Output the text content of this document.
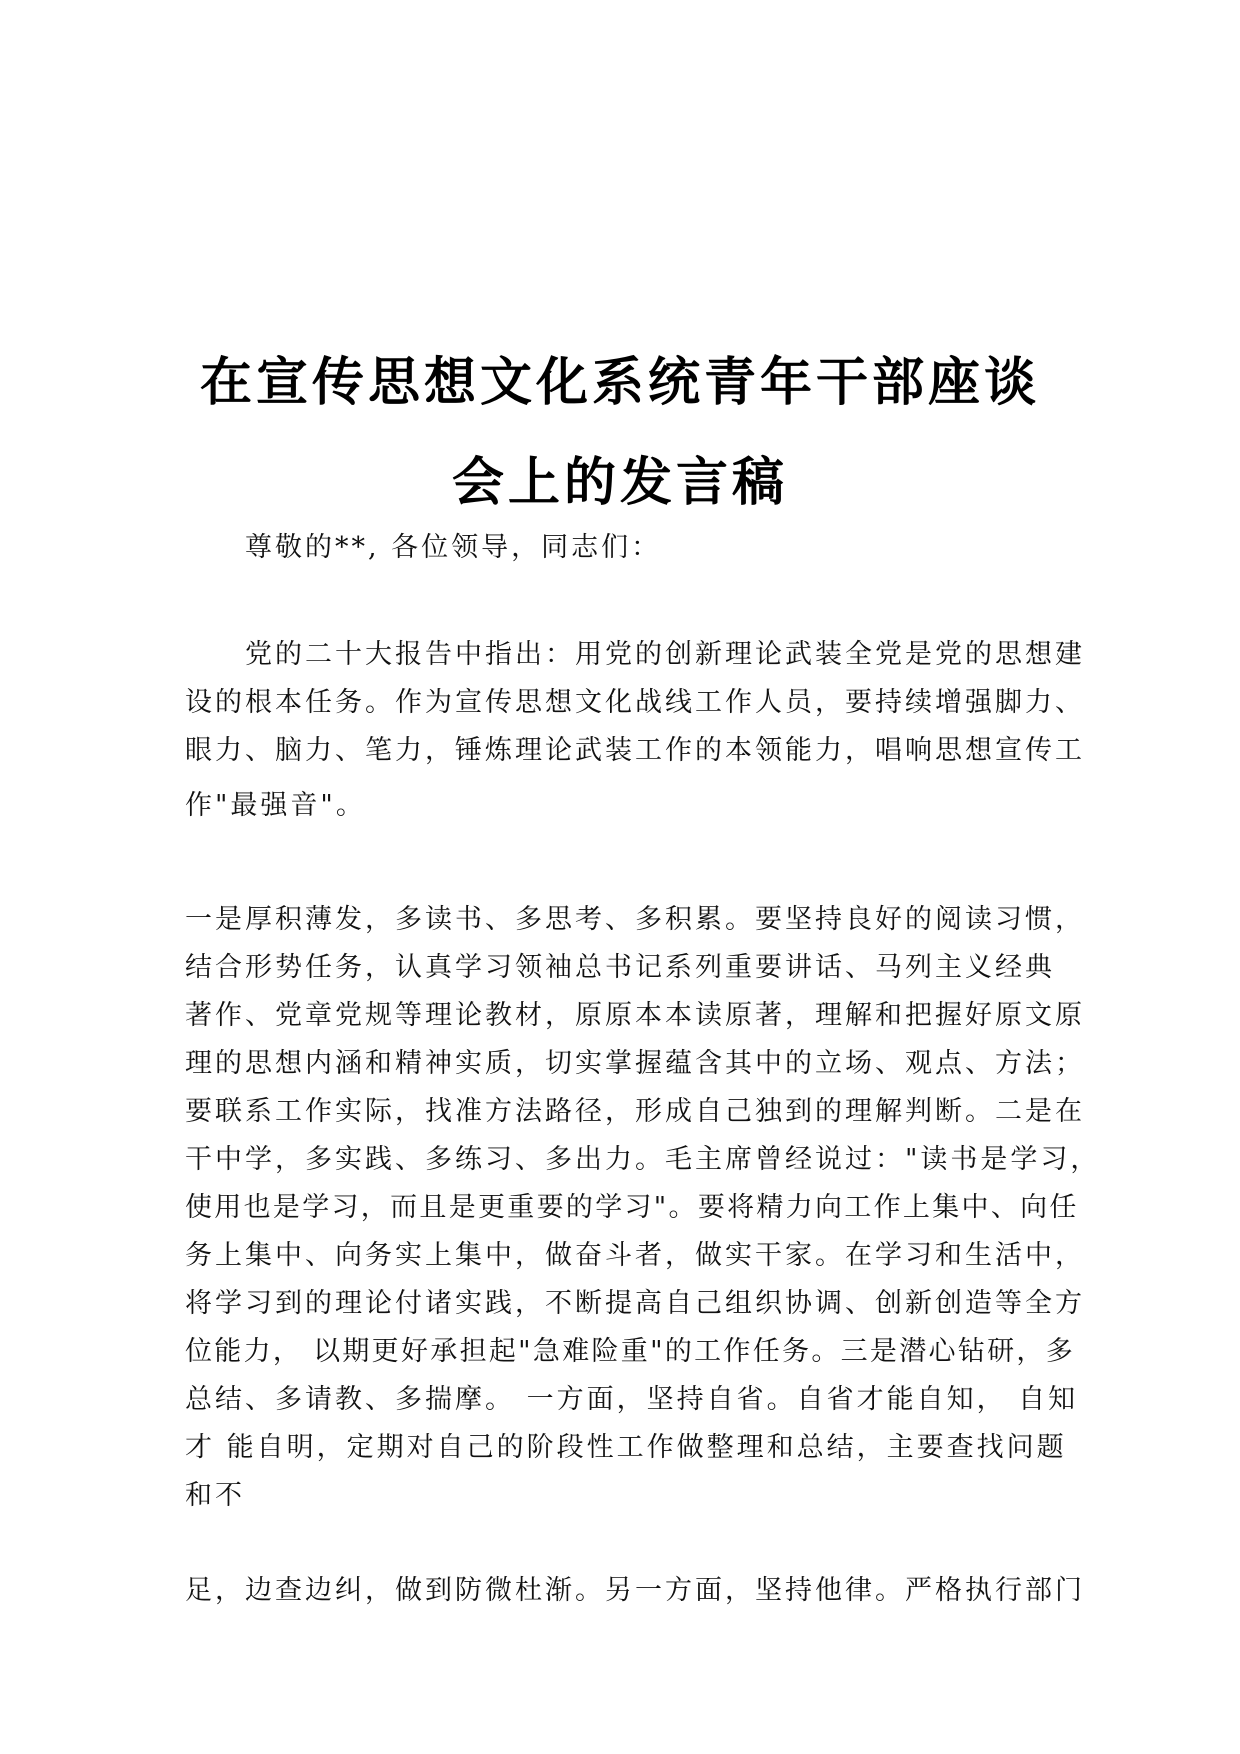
在宣传思想文化系统青年干部座谈
会上的发言稿
尊敬的**, 各位领导，同志们：
党的二十大报告中指出：用党的创新理论武装全党是党的思想建
设的根本任务。作为宣传思想文化战线工作人员，要持续增强脚力、
眼力、脑力、笔力，锤炼理论武装工作的本领能力，唱响思想宣传工
作"最强音"。
一是厚积薄发，多读书、多思考、多积累。要坚持良好的阅读习惯，
结合形势任务，认真学习领袖总书记系列重要讲话、马列主义经典
著作、党章党规等理论教材，原原本本读原著，理解和把握好原文原
理的思想内涵和精神实质，切实掌握蕴含其中的立场、观点、方法；
要联系工作实际，找准方法路径，形成自己独到的理解判断。二是在
干中学，多实践、多练习、多出力。毛主席曾经说过："读书是学习，
使用也是学习，而且是更重要的学习"。要将精力向工作上集中、向任
务上集中、向务实上集中，做奋斗者，做实干家。在学习和生活中，
将学习到的理论付诸实践，不断提高自己组织协调、创新创造等全方
位能力， 以期更好承担起"急难险重"的工作任务。三是潜心钻研，多
总结、多请教、多揣摩。 一方面，坚持自省。自省才能自知， 自知
才 能自明，定期对自己的阶段性工作做整理和总结，主要查找问题
和不
足，边查边纠，做到防微杜渐。另一方面，坚持他律。严格执行部门
